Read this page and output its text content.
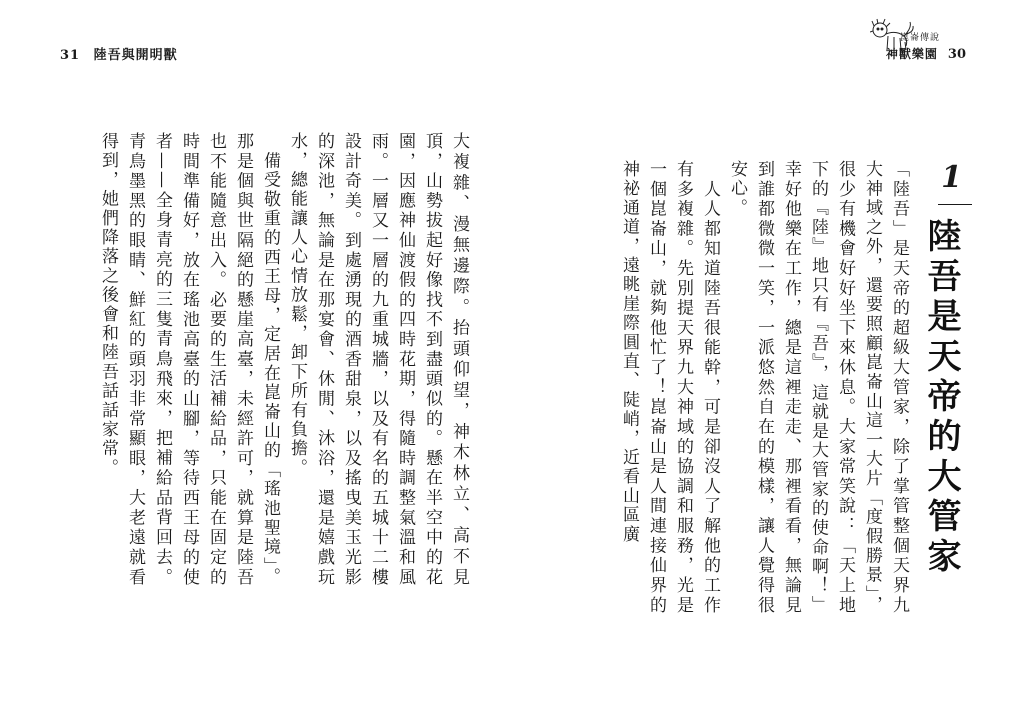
31 陸吾與開明獸
大複雜、漫無邊際。抬頭仰望，神木林立、高不見頂，山勢拔起好像找不到盡頭似的。懸在半空中的花園，因應神仙渡假的四時花期，得隨時調整氣溫和風雨。一層又一層的九重城牆，以及有名的五城十二樓設計奇美。到處湧現的酒香甜泉，以及搖曳美玉光影的深池，無論是在那宴會、休閒、沐浴，還是嬉戲玩水，總能讓人心情放鬆，卸下所有負擔。
　備受敬重的西王母，定居在崑崙山的「瑤池聖境」。那是個與世隔絕的懸崖高臺，未經許可，就算是陸吾也不能隨意出入。必要的生活補給品，只能在固定的時間準備好，放在瑤池高臺的山腳，等待西王母的使者——全身青亮的三隻青鳥飛來，把補給品背回去。青鳥墨黑的眼睛、鮮紅的頭羽非常顯眼，大老遠就看得到，她們降落之後會和陸吾話話家常。
崑崙傳說
神獸樂園 30
1
陸吾是天帝的大管家
「陸吾」是天帝的超級大管家，除了掌管整個天界九大神域之外，還要照顧崑崙山這一大片「度假勝景」，很少有機會好好坐下來休息。大家常笑說：「天上地下的『陸』地只有『吾』，這就是大管家的使命啊！」幸好他樂在工作，總是這裡走走、那裡看看，無論見到誰都微微一笑，一派悠然自在的模樣，讓人覺得很安心。
　人人都知道陸吾很能幹，可是卻沒人了解他的工作有多複雜。先別提天界九大神域的協調和服務，光是一個崑崙山，就夠他忙了！崑崙山是人間連接仙界的神祕通道，遠眺崖際圓直、陡峭，近看山區廣
